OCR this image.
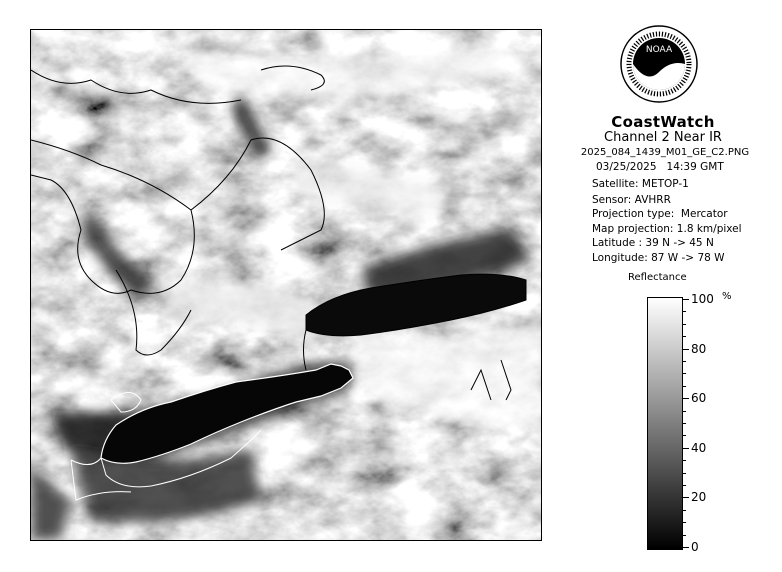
NOAA
CoastWatch
Channel 2 Near IR
2025_084_1439_M01_GE_C2.PNG
03/25/2025   14:39 GMT
Satellite: METOP-1
Sensor: AVHRR
Projection type:  Mercator
Map projection: 1.8 km/pixel
Latitude : 39 N -> 45 N
Longitude: 87 W -> 78 W
Reflectance
%
100
80
60
40
20
0
